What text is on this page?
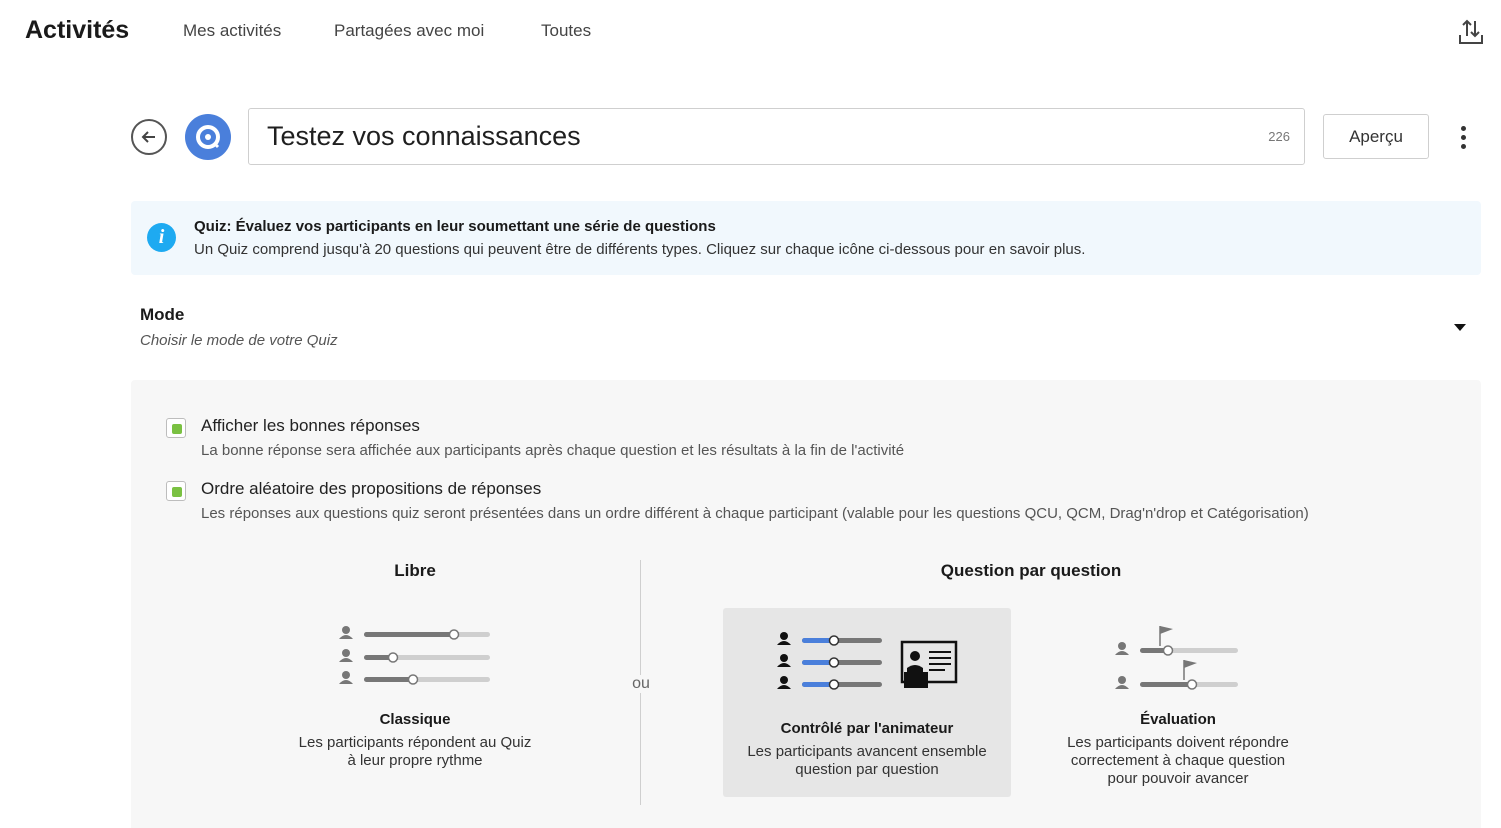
Activités	Mes activités	Partagées avec moi	Toutes
Testez vos connaissances
226	Aperçu
i	Quiz: Évaluez vos participants en leur soumettant une série de questions
Un Quiz comprend jusqu'à 20 questions qui peuvent être de différents types. Cliquez sur chaque icône ci-dessous pour en savoir plus.
Mode
Choisir le mode de votre Quiz
Afficher les bonnes réponses
La bonne réponse sera affichée aux participants après chaque question et les résultats à la fin de l'activité
Ordre aléatoire des propositions de réponses
Les réponses aux questions quiz seront présentées dans un ordre différent à chaque participant (valable pour les questions QCU, QCM, Drag'n'drop et Catégorisation)
Libre	Question par question
ou
Classique
Les participants répondent au Quiz
à leur propre rythme
Contrôlé par l'animateur
Les participants avancent ensemble
question par question
Évaluation
Les participants doivent répondre
correctement à chaque question
pour pouvoir avancer
